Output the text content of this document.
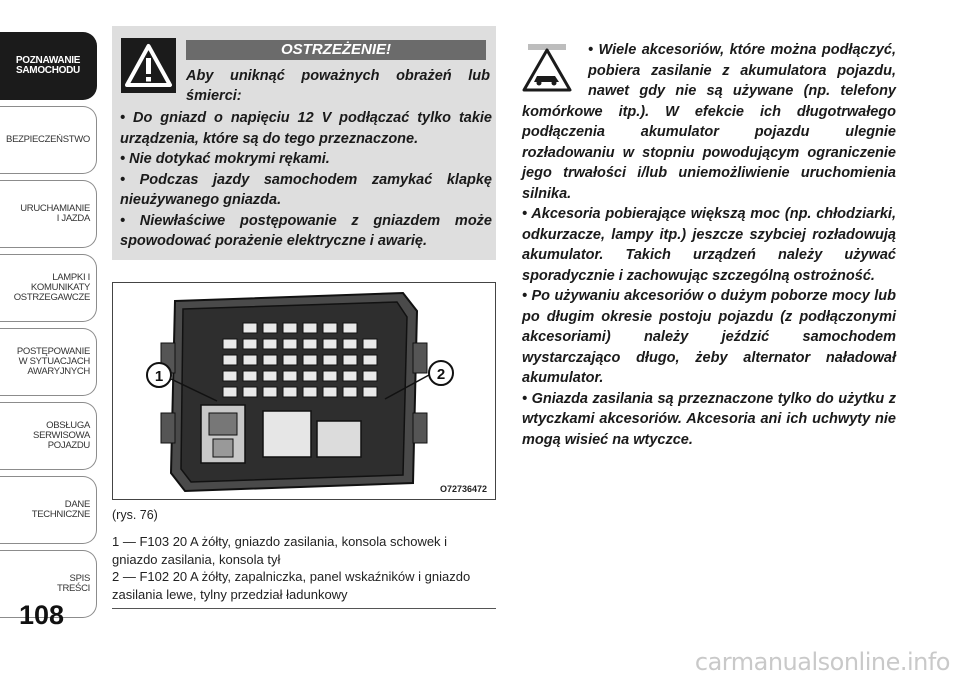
POZNAWANIE
SAMOCHODU
BEZPIECZEŃSTWO
URUCHAMIANIE
I JAZDA
LAMPKI I
KOMUNIKATY
OSTRZEGAWCZE
POSTĘPOWANIE
W SYTUACJACH
AWARYJNYCH
OBSŁUGA
SERWISOWA
POJAZDU
DANE
TECHNICZNE
SPIS
TREŚCI
108
OSTRZEŻENIE!

Aby uniknąć poważnych obrażeń lub śmierci:

• Do gniazd o napięciu 12 V podłączać tylko takie urządzenia, które są do tego przeznaczone.

• Nie dotykać mokrymi rękami.

• Podczas jazdy samochodem zamykać klapkę nieużywanego gniazda.

• Niewłaściwe postępowanie z gniazdem może spowodować porażenie elektryczne i awarię.

1	2
O72736472
(rys. 76)

1 — F103 20 A żółty, gniazdo zasilania, konsola schowek i gniazdo zasilania, konsola tył

2 — F102 20 A żółty, zapalniczka, panel wskaźników i gniazdo zasilania lewe, tylny przedział ładunkowy

• Wiele akcesoriów, które można podłączyć, pobiera zasilanie z akumulatora pojazdu, nawet gdy nie są używane (np. telefony komórkowe itp.). W efekcie ich długotrwałego podłączenia akumulator pojazdu ulegnie rozładowaniu w stopniu powodującym ograniczenie jego trwałości i/lub uniemożliwienie uruchomienia silnika.

• Akcesoria pobierające większą moc (np. chłodziarki, odkurzacze, lampy itp.) jeszcze szybciej rozładowują akumulator. Takich urządzeń należy używać sporadycznie i zachowując szczególną ostrożność.

• Po używaniu akcesoriów o dużym poborze mocy lub po długim okresie postoju pojazdu (z podłączonymi akcesoriami) należy jeździć samochodem wystarczająco długo, żeby alternator naładował akumulator.

• Gniazda zasilania są przeznaczone tylko do użytku z wtyczkami akcesoriów. Akcesoria ani ich uchwyty nie mogą wisieć na wtyczce.

carmanualsonline.info
